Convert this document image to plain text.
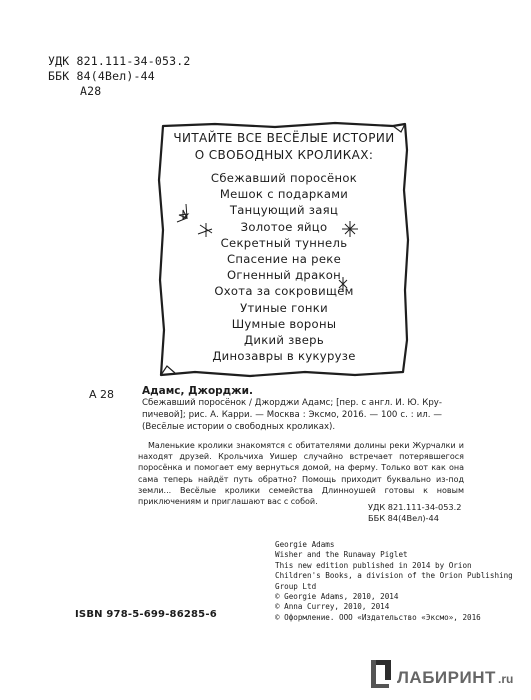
УДК 821.111-34-053.2
ББК 84(4Вел)-44
А28
ЧИТАЙТЕ ВСЕ ВЕСЁЛЫЕ ИСТОРИИ
О СВОБОДНЫХ КРОЛИКАХ:
Сбежавший поросёнок
Мешок с подарками
Танцующий заяц
Золотое яйцо
Секретный туннель
Спасение на реке
Огненный дракон
Охота за сокровищем
Утиные гонки
Шумные вороны
Дикий зверь
Динозавры в кукурузе
А 28	Адамс, Джорджи.
Сбежавший поросёнок / Джорджи Адамс; [пер. с англ. И. Ю. Крупичевой]; рис. А. Карри. — Москва : Эксмо, 2016. — 100 с. : ил. — (Весёлые истории о свободных кроликах).
Маленькие кролики знакомятся с обитателями долины реки Журчалки и находят друзей. Крольчиха Уишер случайно встречает потерявшегося поросёнка и помогает ему вернуться домой, на ферму. Только вот как она сама теперь найдёт путь обратно? Помощь приходит буквально из-под земли... Весёлые кролики семейства Длинноушей готовы к новым приключениям и приглашают вас с собой.
УДК 821.111-34-053.2
ББК 84(4Вел)-44
Georgie Adams
Wisher and the Runaway Piglet
This new edition published in 2014 by Orion
Children's Books, a division of the Orion Publishing
Group Ltd
© Georgie Adams, 2010, 2014
© Anna Currey, 2010, 2014
© Оформление. ООО «Издательство «Эксмо», 2016
ISBN 978-5-699-86285-6
ЛАБИРИНТ .ru
